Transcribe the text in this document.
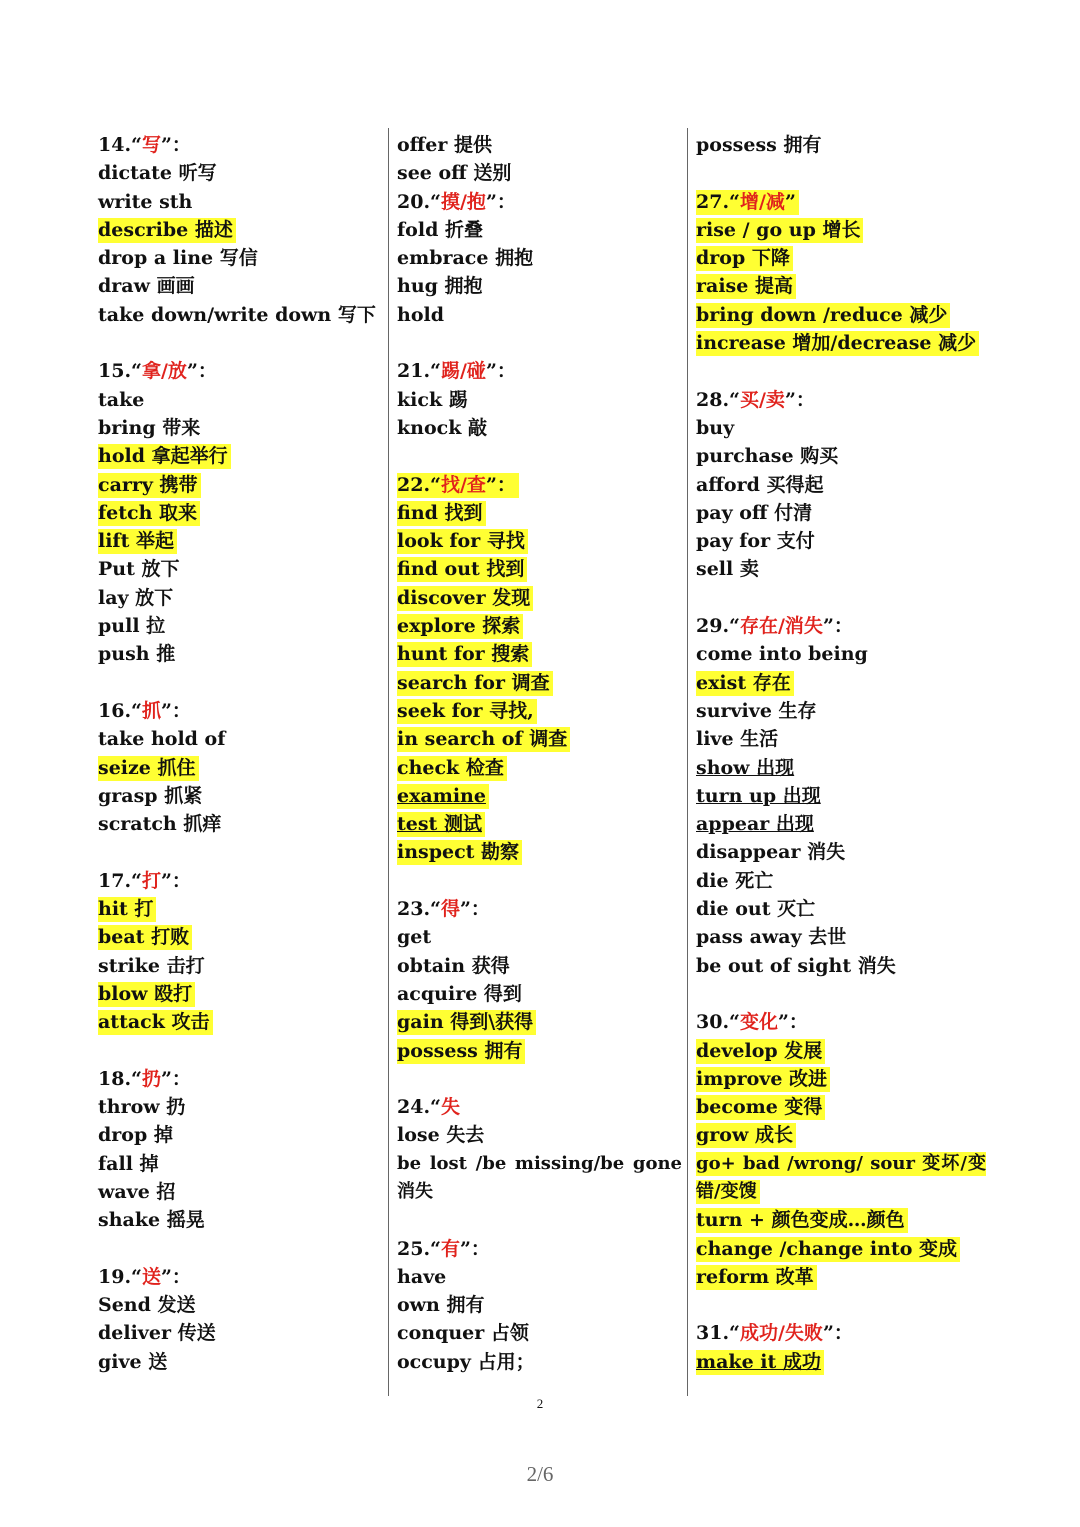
14.“写”：
dictate 听写
write sth
describe 描述
drop a line 写信
draw 画画
take down/write down 写下
15.“拿/放”：
take
bring 带来
hold 拿起举行
carry 携带
fetch 取来
lift 举起
Put 放下
lay 放下
pull 拉
push 推
16.“抓”：
take hold of
seize 抓住
grasp 抓紧
scratch 抓痒
17.“打”：
hit 打
beat 打败
strike 击打
blow 殴打
attack 攻击
18.“扔”：
throw 扔
drop 掉
fall 掉
wave 招
shake 摇晃
19.“送”：
Send 发送
deliver 传送
give 送
offer 提供
see off 送别
20.“摸/抱”：
fold 折叠
embrace 拥抱
hug 拥抱
hold
21.“踢/碰”：
kick 踢
knock 敲
22.“找/查”：
find 找到
look for 寻找
find out 找到
discover 发现
explore 探索
hunt for 搜索
search for 调查
seek for 寻找,
in search of 调查
check 检查
examine
test 测试
inspect 勘察
23.“得”：
get
obtain 获得
acquire 得到
gain 得到\获得
possess 拥有
24.“失
lose 失去
be lost /be missing/be gone 消失
25.“有”：
have
own 拥有
conquer 占领
occupy 占用；
possess 拥有
27.“增/减”
rise / go up 增长
drop 下降
raise 提高
bring down /reduce 减少
increase 增加/decrease 减少
28.“买/卖”：
buy
purchase 购买
afford 买得起
pay off 付清
pay for 支付
sell 卖
29.“存在/消失”：
come into being
exist 存在
survive 生存
live 生活
show 出现
turn up 出现
appear 出现
disappear 消失
die 死亡
die out 灭亡
pass away 去世
be out of sight 消失
30.“变化”：
develop 发展
improve 改进
become 变得
grow 成长
go+ bad /wrong/ sour 变坏/变错/变馊
turn + 颜色变成…颜色
change /change into 变成
reform 改革
31.“成功/失败”：
make it 成功
2
2/6
